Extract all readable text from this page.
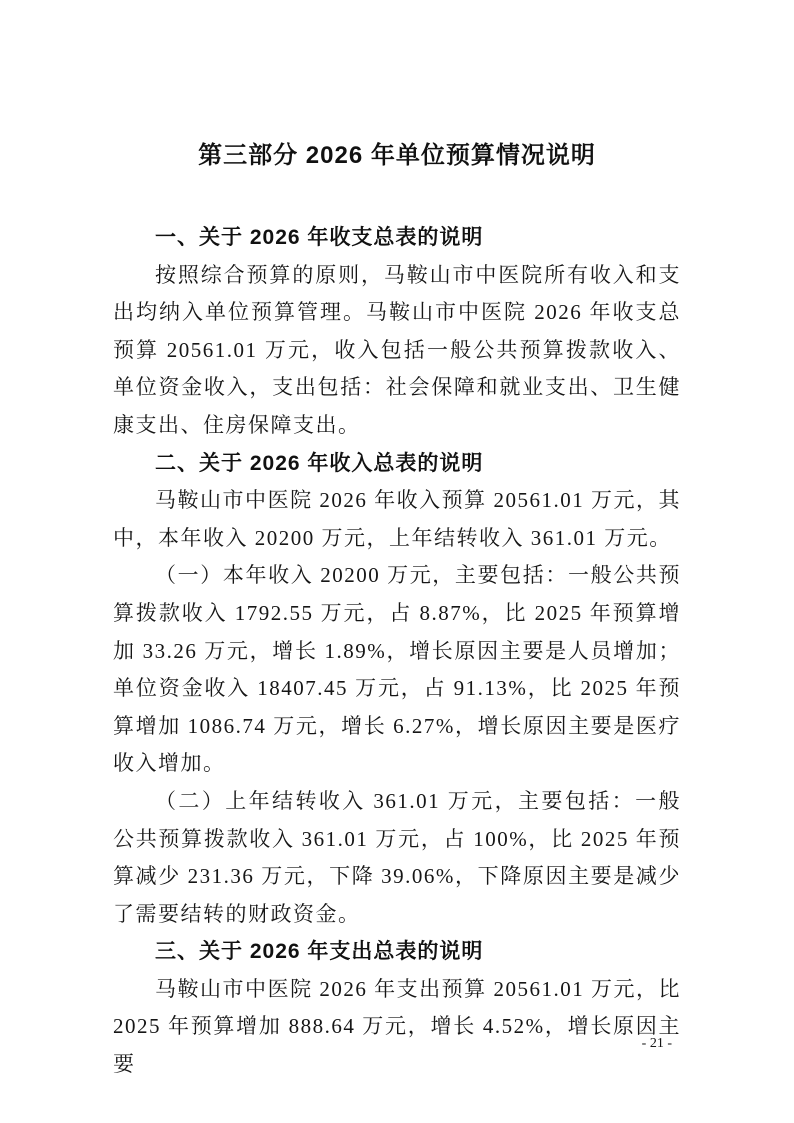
第三部分 2026 年单位预算情况说明
一、关于 2026 年收支总表的说明

按照综合预算的原则，马鞍山市中医院所有收入和支出均纳入单位预算管理。马鞍山市中医院 2026 年收支总预算 20561.01 万元，收入包括一般公共预算拨款收入、单位资金收入，支出包括：社会保障和就业支出、卫生健康支出、住房保障支出。

二、关于 2026 年收入总表的说明

马鞍山市中医院 2026 年收入预算 20561.01 万元，其中，本年收入 20200 万元，上年结转收入 361.01 万元。

（一）本年收入 20200 万元，主要包括：一般公共预算拨款收入 1792.55 万元，占 8.87%，比 2025 年预算增加 33.26 万元，增长 1.89%，增长原因主要是人员增加；单位资金收入 18407.45 万元，占 91.13%，比 2025 年预算增加 1086.74 万元，增长 6.27%，增长原因主要是医疗收入增加。

（二）上年结转收入 361.01 万元，主要包括：一般公共预算拨款收入 361.01 万元，占 100%，比 2025 年预算减少 231.36 万元，下降 39.06%，下降原因主要是减少了需要结转的财政资金。

三、关于 2026 年支出总表的说明

马鞍山市中医院 2026 年支出预算 20561.01 万元，比 2025 年预算增加 888.64 万元，增长 4.52%，增长原因主要

- 21 -
